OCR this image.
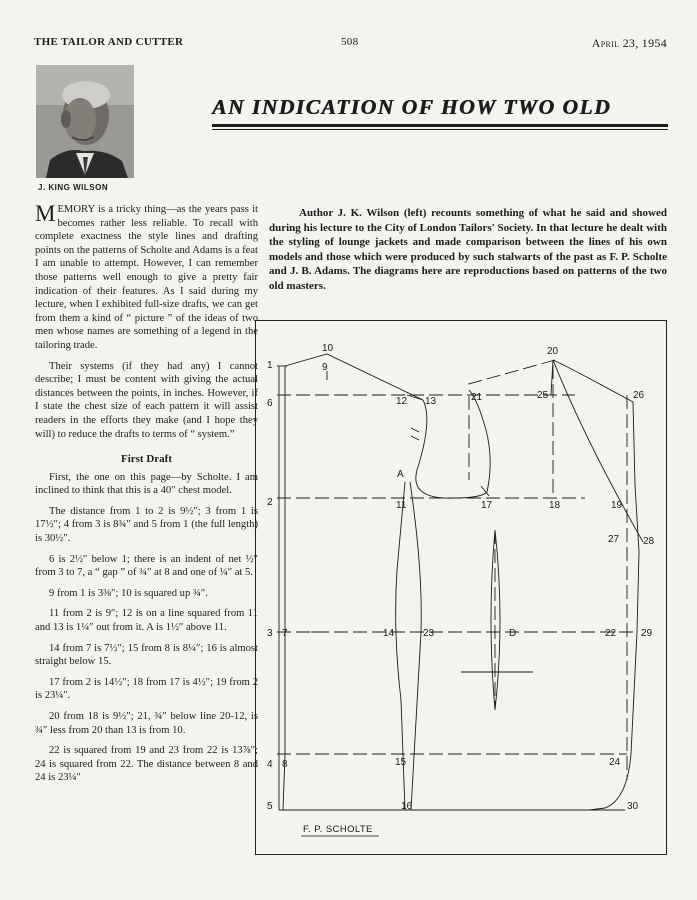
THE TAILOR AND CUTTER	508	April 23, 1954
J. KING WILSON
AN INDICATION OF HOW TWO OLD

MEMORY is a tricky thing—as the years pass it becomes rather less reliable. To recall with complete exactness the style lines and drafting points on the patterns of Scholte and Adams is a feat I am unable to attempt. However, I can remember those patterns well enough to give a pretty fair indication of their features. As I said during my lecture, when I exhibited full-size drafts, we can get from them a kind of “ picture ” of the ideas of two men whose names are something of a legend in the tailoring trade.

Their systems (if they had any) I cannot describe; I must be content with giving the actual distances between the points, in inches. However, if I state the chest size of each pattern it will assist readers in the efforts they make (and I hope they will) to reduce the drafts to terms of “ system.”

First Draft

First, the one on this page—by Scholte. I am inclined to think that this is a 40″ chest model.

The distance from 1 to 2 is 9½″; 3 from 1 is 17½″; 4 from 3 is 8¾″ and 5 from 1 (the full length) is 30½″.

6 is 2½″ below 1; there is an indent of net ½″ from 3 to 7, a “ gap ” of ¾″ at 8 and one of ¼″ at 5.

9 from 1 is 3⅜″; 10 is squared up ¾″.

11 from 2 is 9″; 12 is on a line squared from 11 and 13 is 1¼″ out from it. A is 1½″ above 11.

14 from 7 is 7½″; 15 from 8 is 8¼″; 16 is almost straight below 15.

17 from 2 is 14½″; 18 from 17 is 4½″; 19 from 2 is 23¼″.

20 from 18 is 9½″; 21, ¾″ below line 20-12, is ¾″ less from 20 than 13 is from 10.

22 is squared from 19 and 23 from 22 is 13⅞″; 24 is squared from 22. The distance between 8 and 24 is 23¼″

Author J. K. Wilson (left) recounts something of what he said and showed during his lecture to the City of London Tailors' Society. In that lecture he dealt with the styling of lounge jackets and made comparison between the lines of his own models and those which were produced by such stalwarts of the past as F. P. Scholte and J. B. Adams. The diagrams here are reproductions based on patterns of the two old masters.
1
2
3
4
5
6
7
8
9
10
11
12 13
14
15
16
17	18	19
20
21
22
23
24
25	26
27 28
29
30
A
D
F. P. SCHOLTE
